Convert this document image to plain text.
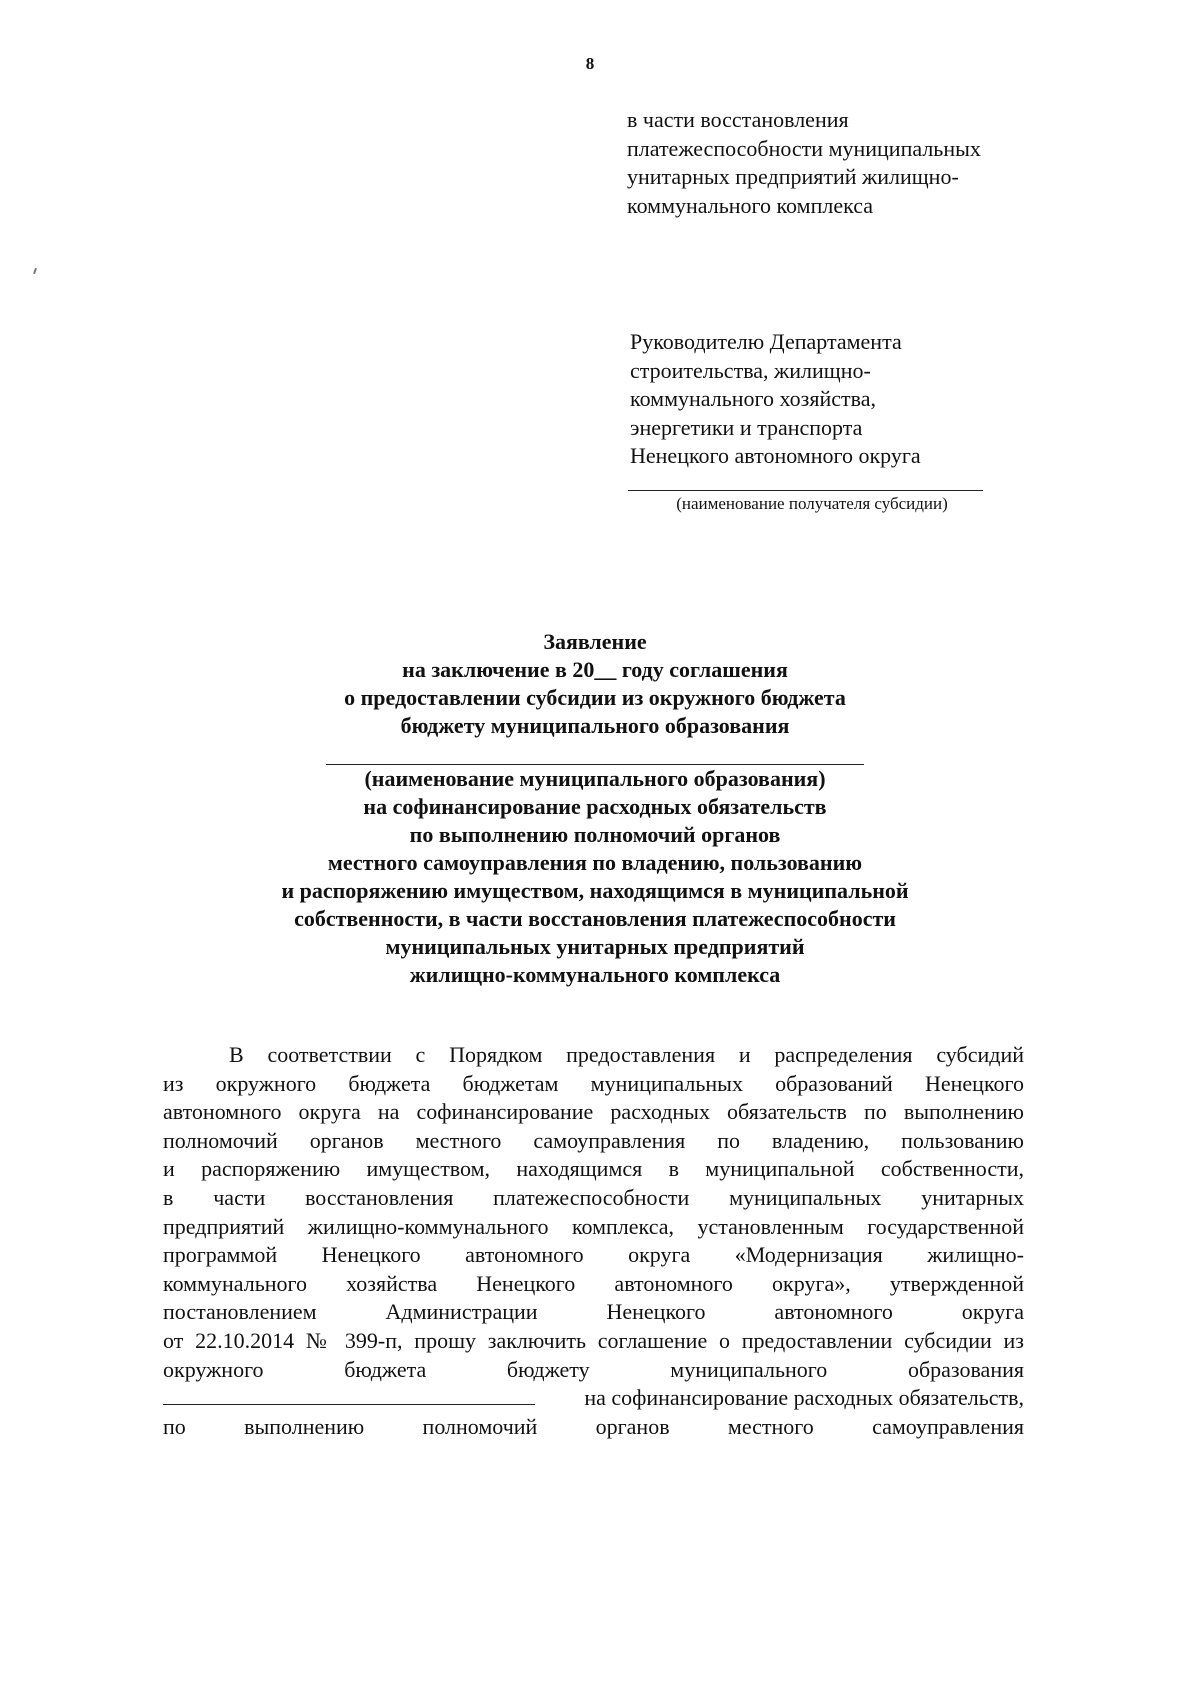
8
в части восстановления
платежеспособности муниципальных
унитарных предприятий жилищно-
коммунального комплекса
Руководителю Департамента
строительства, жилищно-
коммунального хозяйства,
энергетики и транспорта
Ненецкого автономного округа
(наименование получателя субсидии)
Заявление
на заключение в 20__ году соглашения
о предоставлении субсидии из окружного бюджета
бюджету муниципального образования
(наименование муниципального образования)
на софинансирование расходных обязательств
по выполнению полномочий органов
местного самоуправления по владению, пользованию
и распоряжению имуществом, находящимся в муниципальной
собственности, в части восстановления платежеспособности
муниципальных унитарных предприятий
жилищно-коммунального комплекса
В соответствии с Порядком предоставления и распределения субсидий
из окружного бюджета бюджетам муниципальных образований Ненецкого
автономного округа на софинансирование расходных обязательств по выполнению
полномочий органов местного самоуправления по владению, пользованию
и распоряжению имуществом, находящимся в муниципальной собственности,
в части восстановления платежеспособности муниципальных унитарных
предприятий жилищно-коммунального комплекса, установленным государственной
программой Ненецкого автономного округа «Модернизация жилищно-
коммунального хозяйства Ненецкого автономного округа», утвержденной
постановлением Администрации Ненецкого автономного округа
от 22.10.2014 № 399-п, прошу заключить соглашение о предоставлении субсидии из
окружного бюджета бюджету муниципального образования
на софинансирование расходных обязательств,
по выполнению полномочий органов местного самоуправления
